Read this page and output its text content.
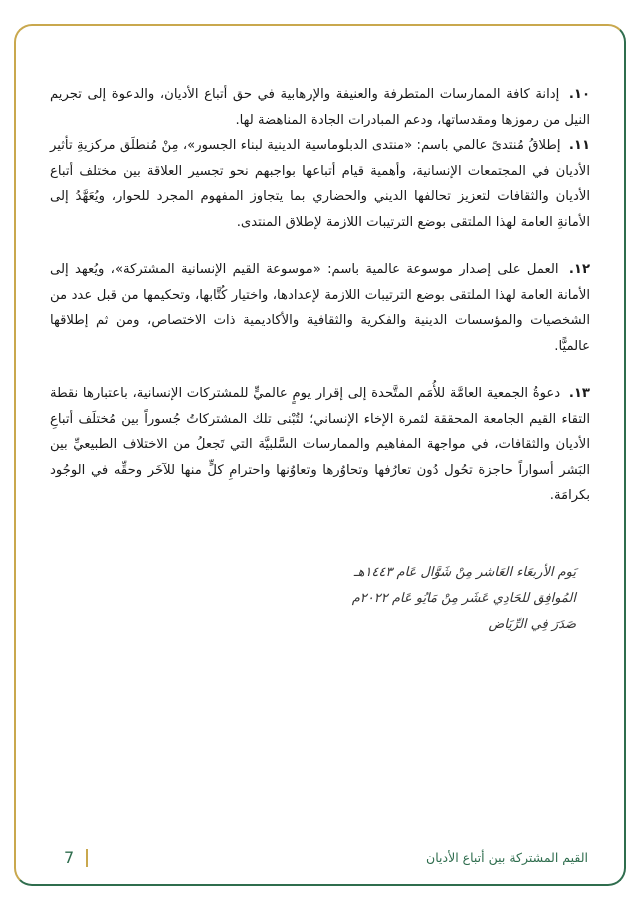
١٠. إدانة كافة الممارسات المتطرفة والعنيفة والإرهابية في حق أتباع الأديان، والدعوة إلى تجريم النيل من رموزها ومقدساتها، ودعم المبادرات الجادة المناهضة لها.

١١. إطلاقُ مُنتدىً عالمي باسم: «منتدى الدبلوماسية الدينية لبناء الجسور»، مِنْ مُنطلَق مركزيةِ تأثير الأديان في المجتمعات الإنسانية، وأهمية قيام أتباعها بواجبهم نحو تجسير العلاقة بين مختلف أتباع الأديان والثقافات لتعزيز تحالفها الديني والحضاري بما يتجاوز المفهوم المجرد للحوار، ويُعَهَّدُ إلى الأمانةِ العامة لهذا الملتقى بوضع الترتيبات اللازمة لإطلاق المنتدى.

١٢. العمل على إصدار موسوعة عالمية باسم: «موسوعة القيم الإنسانية المشتركة»، ويُعهد إلى الأمانة العامة لهذا الملتقى بوضع الترتيبات اللازمة لإعدادها، واختيار كُتَّابها، وتحكيمها من قبل عدد من الشخصيات والمؤسسات الدينية والفكرية والثقافية والأكاديمية ذات الاختصاص، ومن ثم إطلاقها عالميًّا.

١٣. دعوةُ الجمعية العامَّة للأُمَم المتَّحدة إلى إقرار يومٍ عالميٍّ للمشتركات الإنسانية، باعتبارها نقطة التقاء القيم الجامعة المحققة لثمرة الإخاء الإنساني؛ لتُبْنى تلك المشتركاتُ جُسوراً بين مُختلَف أتباعِ الأديان والثقافات، في مواجهة المفاهيم والممارسات السَّلبيَّة التي تَجعلُ من الاختلاف الطبيعيِّ بين البَشر أسواراً حاجزة تحُول دُون تعارُفها وتحاوُرها وتعاوُنها واحترامِ كلٍّ منها للآخَر وحقِّه في الوجُود بكرامَة.

يَوم الأربعَاء العَاشر مِنْ شَوَّال عَام ١٤٤٣هـ
المُوافِق للحَادِي عَشَر مِنْ مَايُو عَام ٢٠٢٢م
صَدَرَ فِي الرِّيَاض
القيم المشتركة بين أتباع الأديان
7
